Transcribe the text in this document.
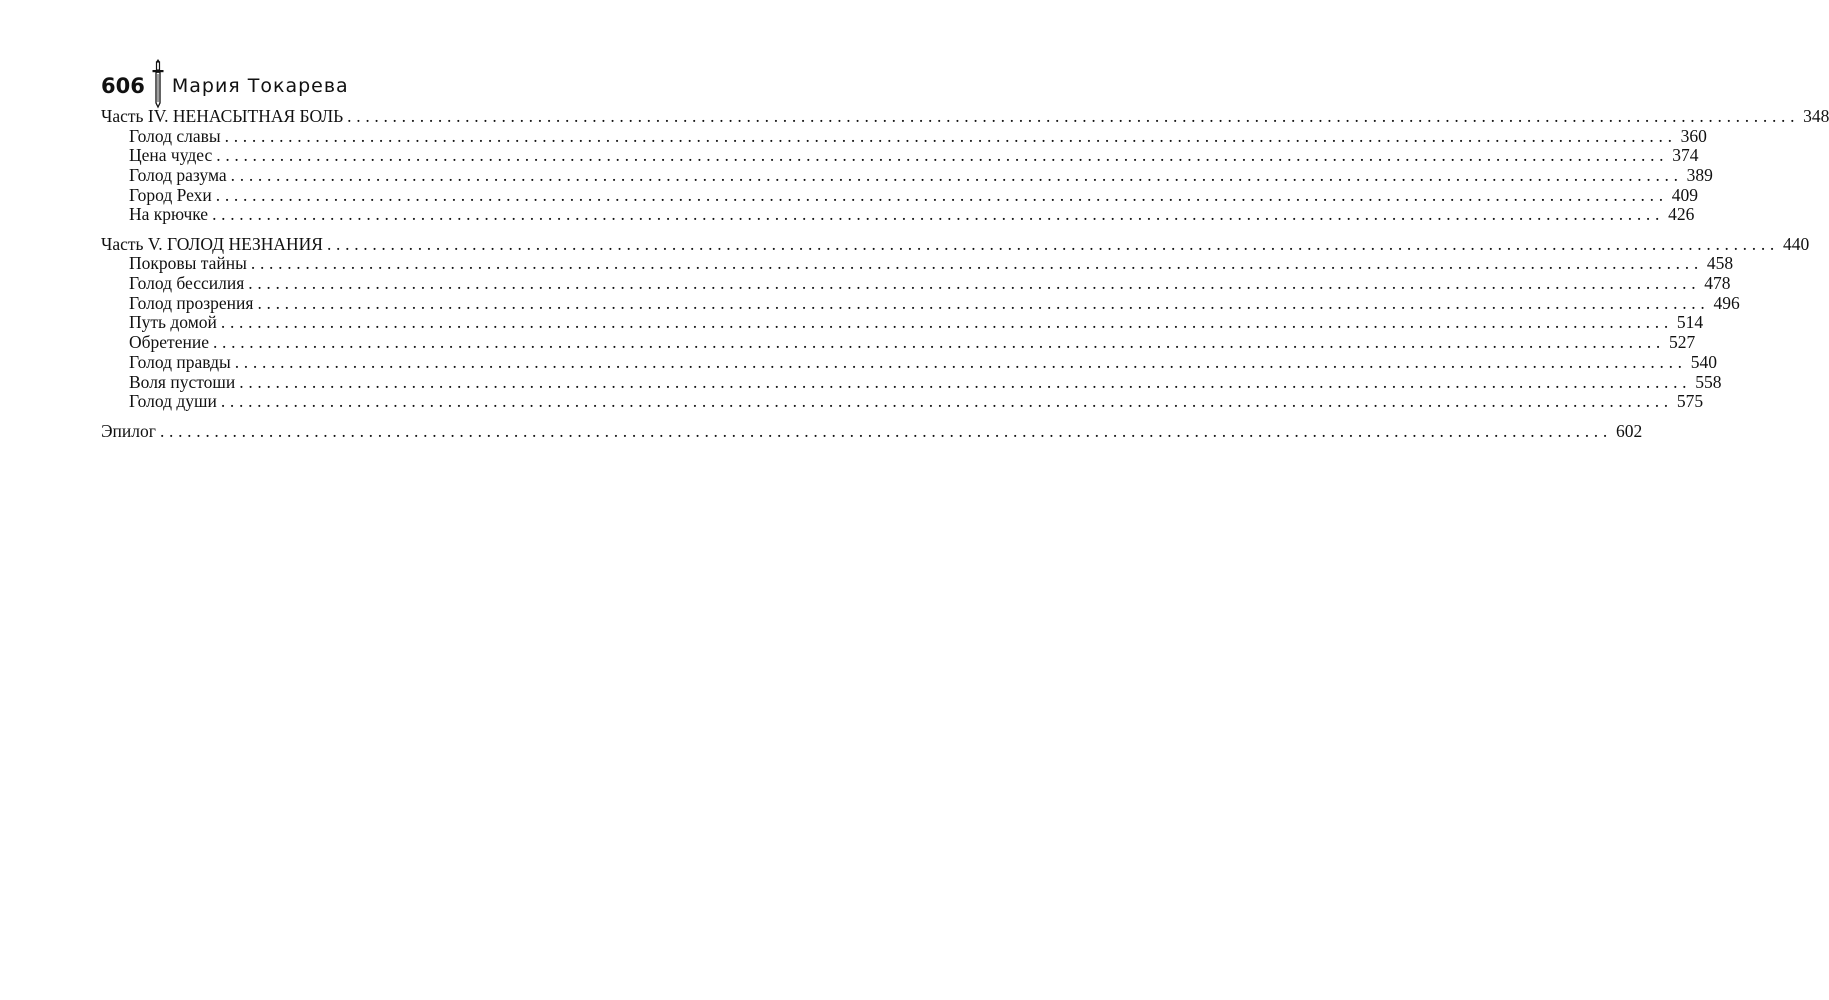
606 Мария Токарева
Часть IV. НЕНАСЫТНАЯ БОЛЬ ................................................................................................................................................................ 348
Голод славы ................................................................................................................................................................ 360
Цена чудес ................................................................................................................................................................ 374
Голод разума ................................................................................................................................................................ 389
Город Рехи ................................................................................................................................................................ 409
На крючке ................................................................................................................................................................ 426
Часть V. ГОЛОД НЕЗНАНИЯ ................................................................................................................................................................ 440
Покровы тайны ................................................................................................................................................................ 458
Голод бессилия ................................................................................................................................................................ 478
Голод прозрения ................................................................................................................................................................ 496
Путь домой ................................................................................................................................................................ 514
Обретение ................................................................................................................................................................ 527
Голод правды ................................................................................................................................................................ 540
Воля пустоши ................................................................................................................................................................ 558
Голод души ................................................................................................................................................................ 575
Эпилог ................................................................................................................................................................ 602
